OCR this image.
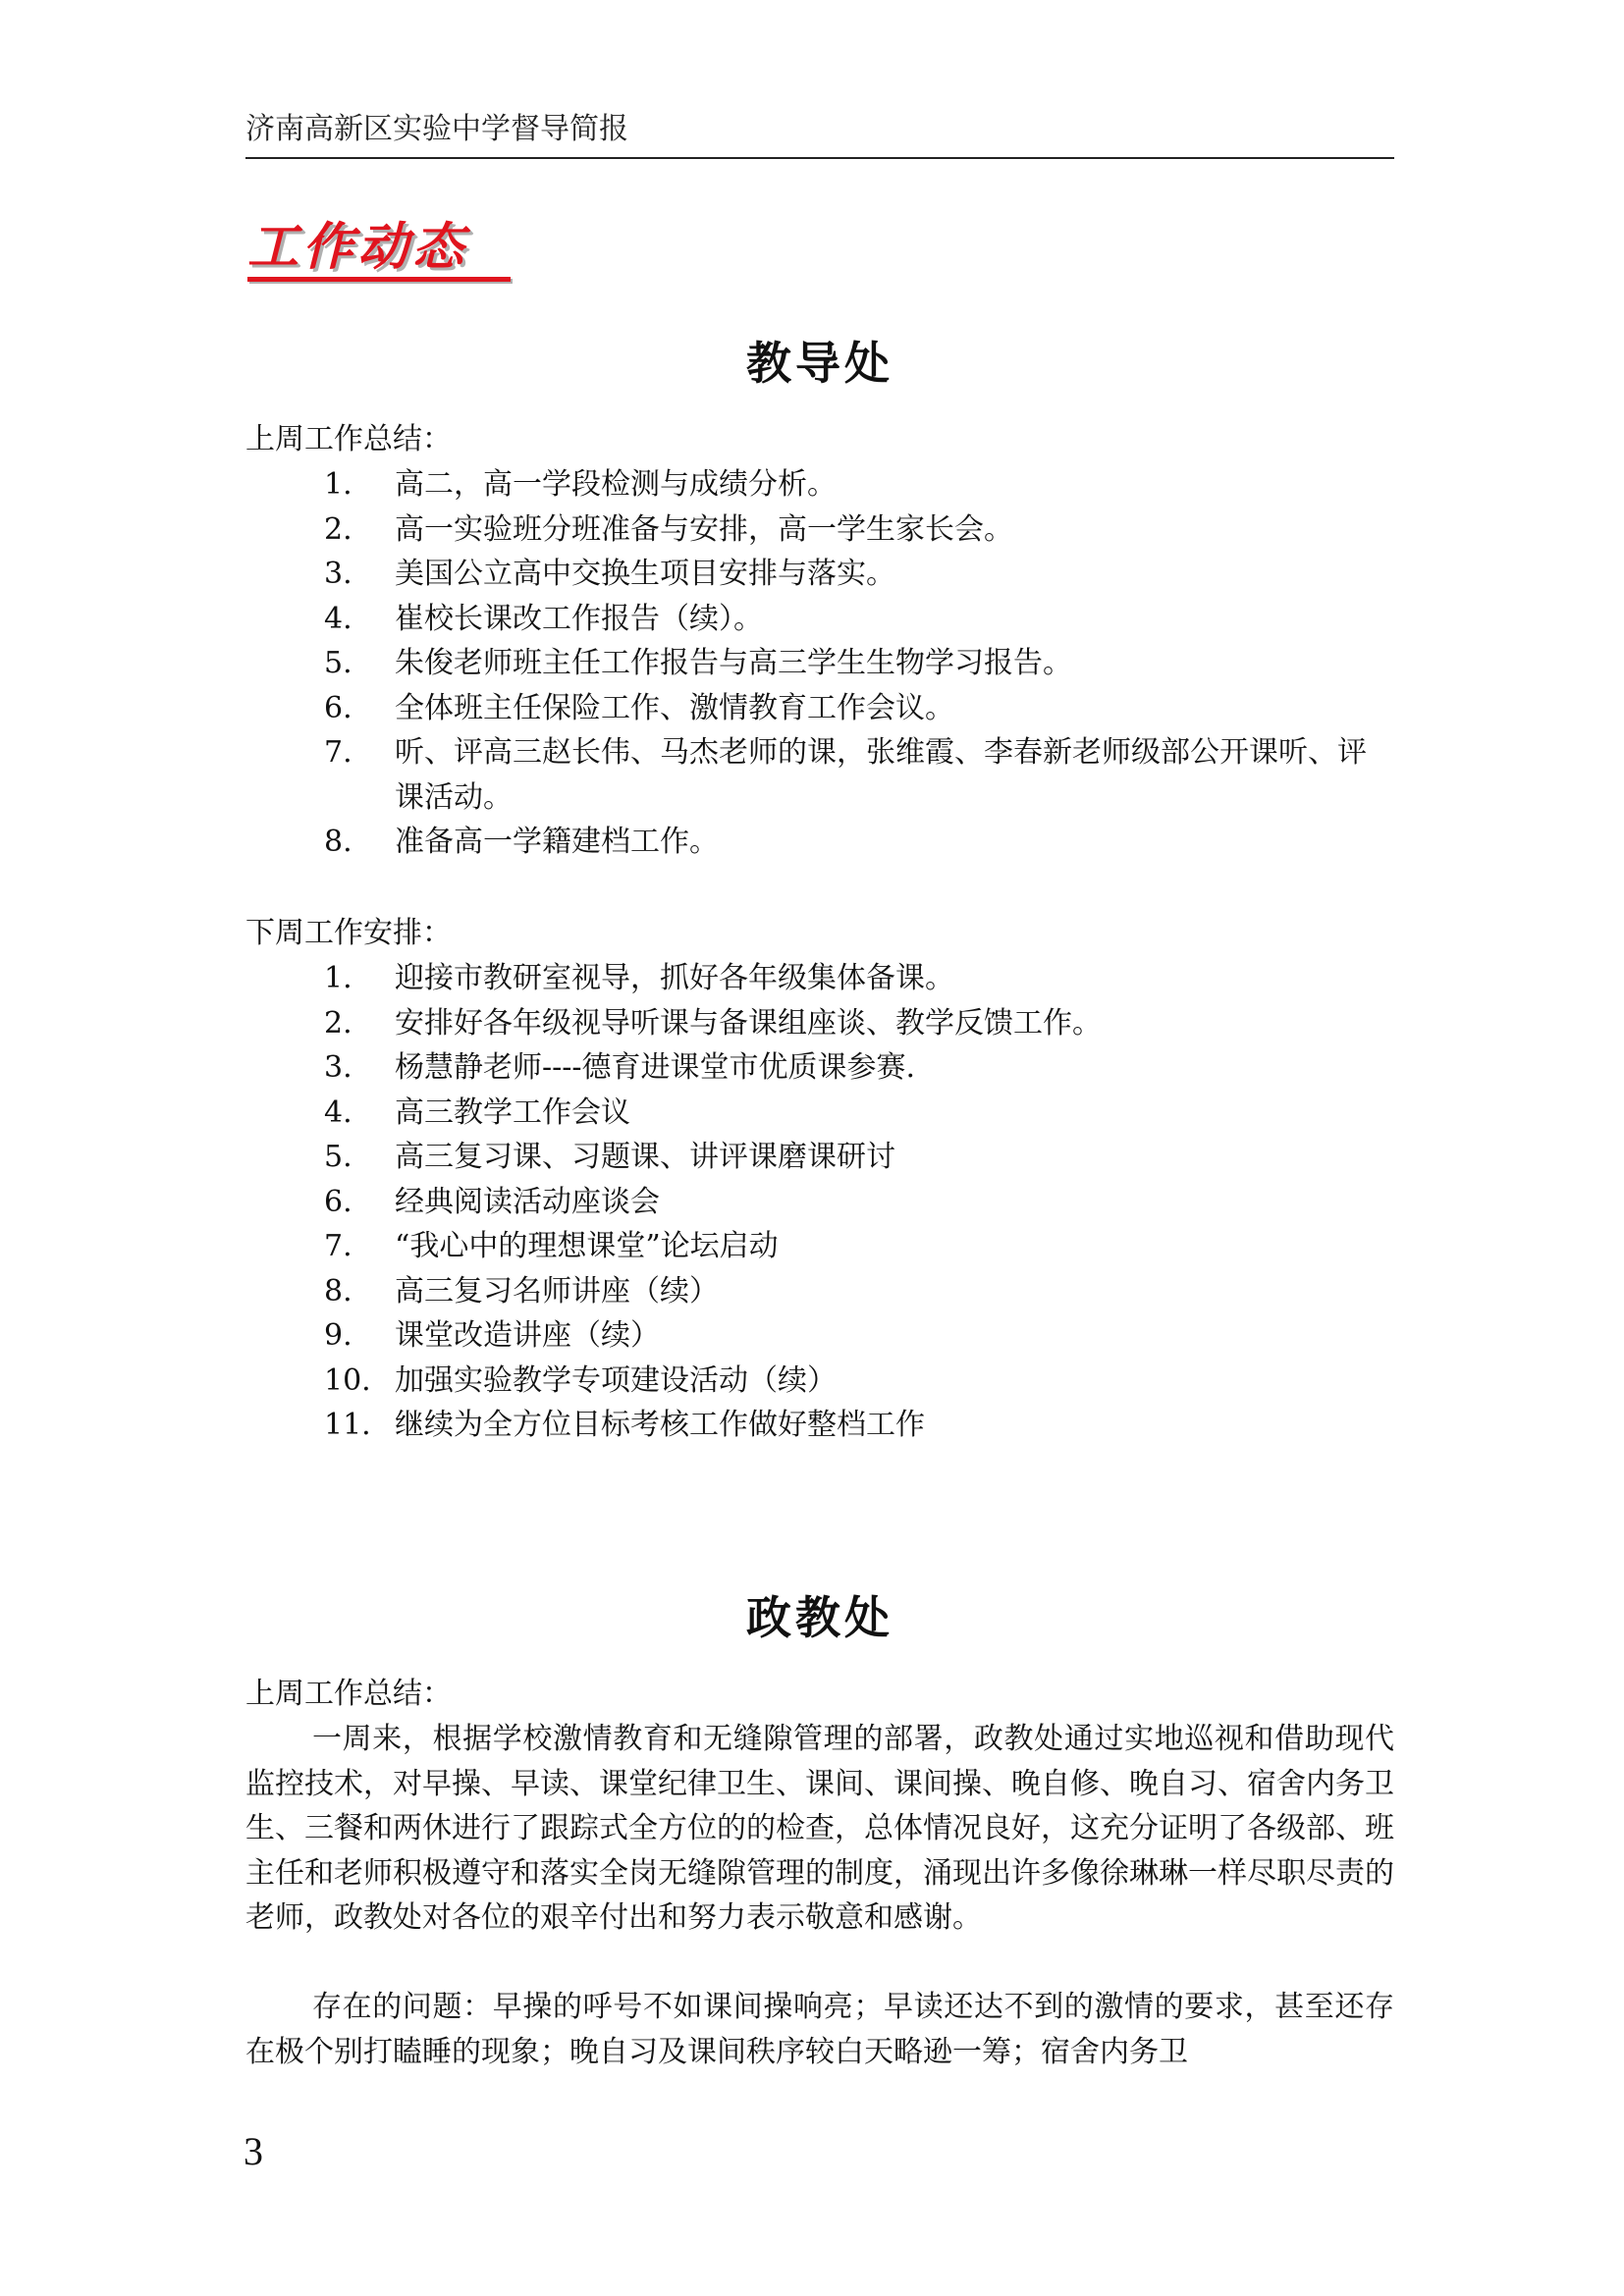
济南高新区实验中学督导简报
工作动态
教导处
上周工作总结：
1.	高二，高一学段检测与成绩分析。
2.	高一实验班分班准备与安排，高一学生家长会。
3.	美国公立高中交换生项目安排与落实。
4.	崔校长课改工作报告（续）。
5.	朱俊老师班主任工作报告与高三学生生物学习报告。
6.	全体班主任保险工作、激情教育工作会议。
7.	听、评高三赵长伟、马杰老师的课，张维霞、李春新老师级部公开课听、评课活动。
8.	准备高一学籍建档工作。
下周工作安排：
1.	迎接市教研室视导，抓好各年级集体备课。
2.	安排好各年级视导听课与备课组座谈、教学反馈工作。
3.	杨慧静老师----德育进课堂市优质课参赛.
4.	高三教学工作会议
5.	高三复习课、习题课、讲评课磨课研讨
6.	经典阅读活动座谈会
7.	“我心中的理想课堂”论坛启动
8.	高三复习名师讲座（续）
9.	课堂改造讲座（续）
10. 加强实验教学专项建设活动（续）
11. 继续为全方位目标考核工作做好整档工作
政教处
上周工作总结：

一周来，根据学校激情教育和无缝隙管理的部署，政教处通过实地巡视和借助现代监控技术，对早操、早读、课堂纪律卫生、课间、课间操、晚自修、晚自习、宿舍内务卫生、三餐和两休进行了跟踪式全方位的的检查，总体情况良好，这充分证明了各级部、班主任和老师积极遵守和落实全岗无缝隙管理的制度，涌现出许多像徐琳琳一样尽职尽责的老师，政教处对各位的艰辛付出和努力表示敬意和感谢。

存在的问题：早操的呼号不如课间操响亮；早读还达不到的激情的要求，甚至还存在极个别打瞌睡的现象；晚自习及课间秩序较白天略逊一筹；宿舍内务卫

3
